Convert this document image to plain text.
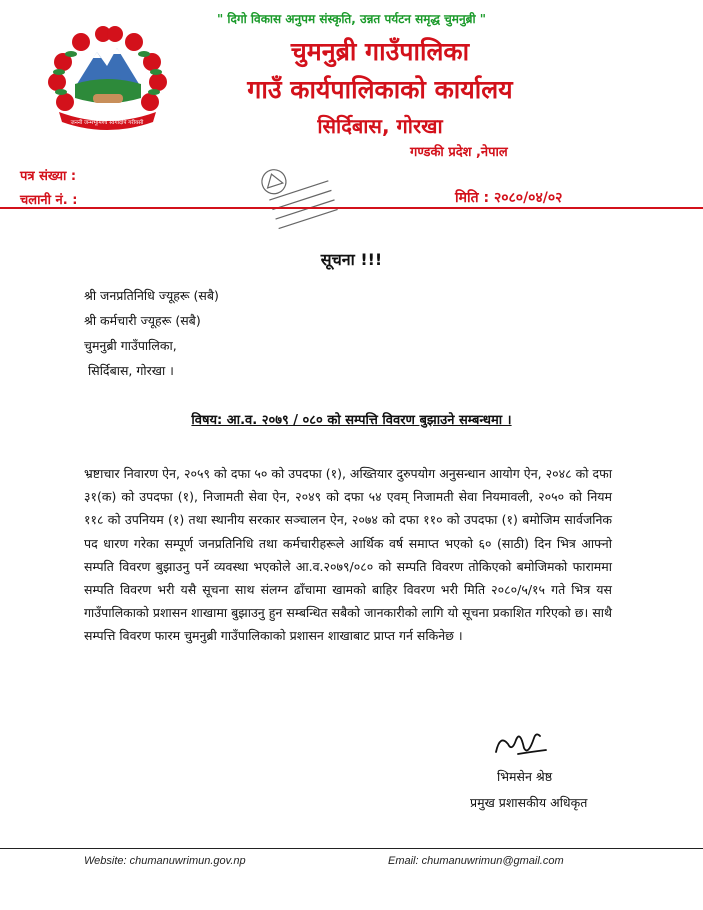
जननी जन्मभूमिश्च स्वर्गादपि गरीयसी
" दिगो विकास अनुपम संस्कृति, उन्नत पर्यटन समृद्ध चुमनुब्री "
चुमनुब्री गाउँपालिका
गाउँ कार्यपालिकाको कार्यालय
सिर्दिबास, गोरखा
गण्डकी प्रदेश ,नेपाल
पत्र संख्या :
चलानी नं. :	मिति : २०८०/०४/०२
सूचना !!!
श्री जनप्रतिनिधि ज्यूहरू (सबै)
श्री कर्मचारी ज्यूहरू (सबै)
चुमनुब्री गाउँपालिका,
सिर्दिबास, गोरखा ।
विषय: आ.व. २०७९ / ०८० को सम्पत्ति विवरण बुझाउने सम्बन्धमा ।
भ्रष्टाचार निवारण ऐन, २०५९ को दफा ५० को उपदफा (१), अख्तियार दुरुपयोग अनुसन्धान आयोग ऐन, २०४८ को दफा ३१(क) को उपदफा (१), निजामती सेवा ऐन, २०४९ को दफा ५४ एवम् निजामती सेवा नियमावली, २०५० को नियम ११८ को उपनियम (१) तथा स्थानीय सरकार सञ्चालन ऐन, २०७४ को दफा ११० को उपदफा (१) बमोजिम सार्वजनिक पद धारण गरेका सम्पूर्ण जनप्रतिनिधि तथा कर्मचारीहरूले आर्थिक वर्ष समाप्त भएको ६० (साठी) दिन भित्र आफ्नो सम्पति विवरण बुझाउनु पर्ने व्यवस्था भएकोले आ.व.२०७९/०८० को सम्पति विवरण तोकिएको बमोजिमको फाराममा सम्पति विवरण भरी यसै सूचना साथ संलग्न ढाँचामा खामको बाहिर विवरण भरी मिति २०८०/५/१५ गते भित्र यस गाउँपालिकाको प्रशासन शाखामा बुझाउनु हुन सम्बन्धित सबैको जानकारीको लागि यो सूचना प्रकाशित गरिएको छ। साथै सम्पत्ति विवरण फारम चुमनुब्री गाउँपालिकाको प्रशासन शाखाबाट प्राप्त गर्न सकिनेछ ।
भिमसेन श्रेष्ठ
प्रमुख प्रशासकीय अधिकृत
Website: chumanuwrimun.gov.np	Email: chumanuwrimun@gmail.com
